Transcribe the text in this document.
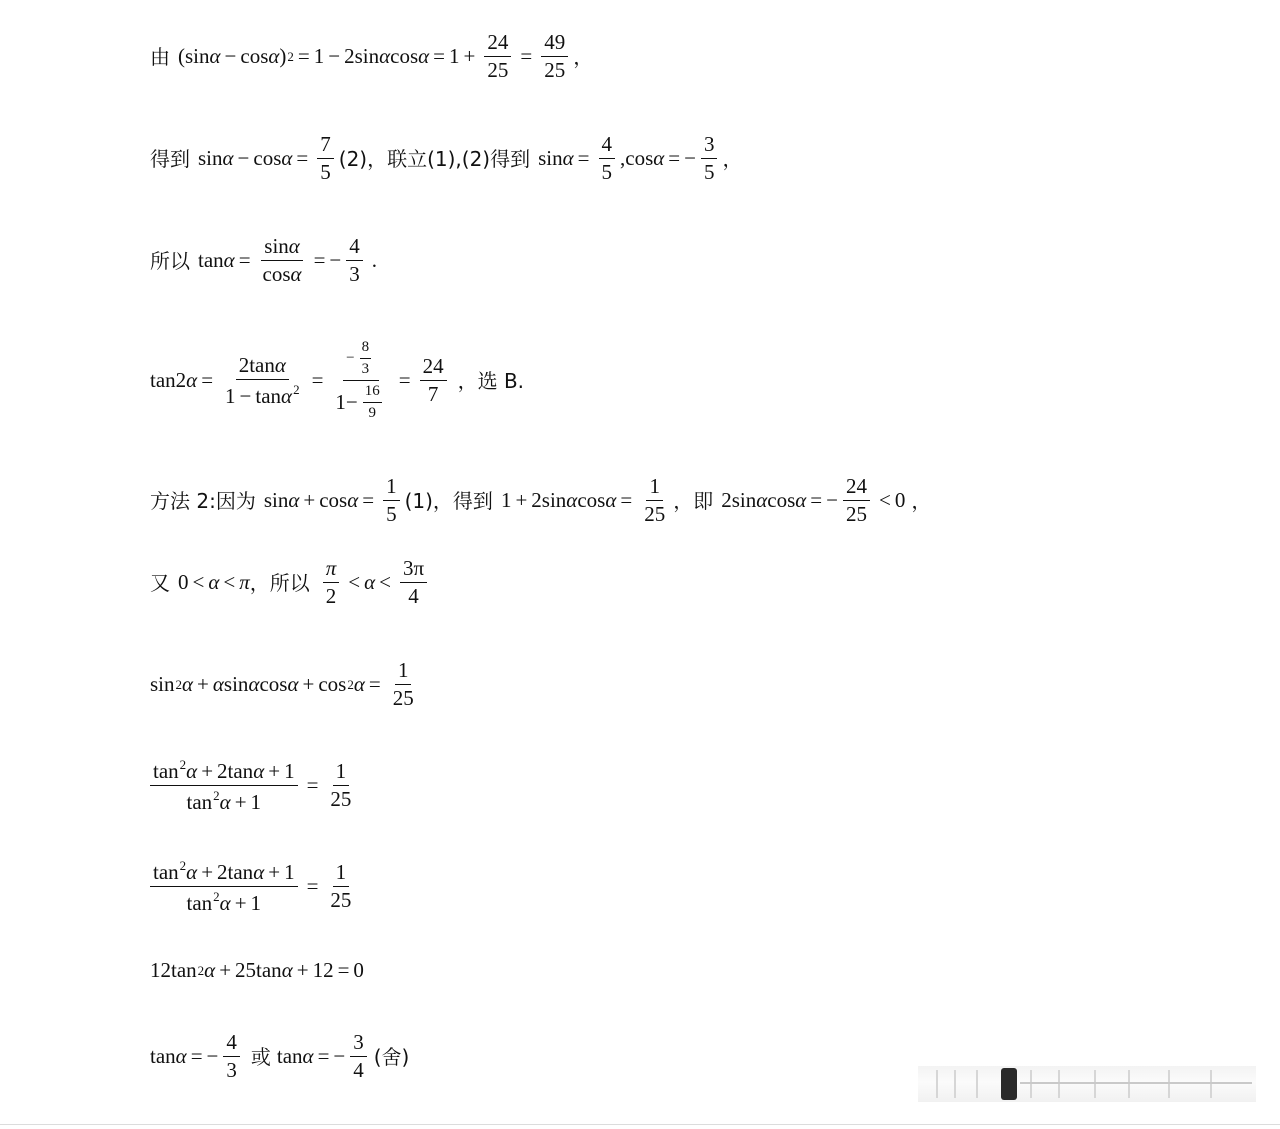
由 (sin α − cos α ) 2 = 1 − 2sin α $\cos \alpha = 1 + \frac{24}{25} = \frac{49}{25}$ ，
得到 $\sin \alpha - \cos \alpha = \frac{7}{5} (2)$，联立(1),(2)得到 $\sin \alpha = \frac{4}{5} ,\cos$ α = − $\frac{3}{5}$ ，
所以 $\tan \alpha = \frac{\sin\alpha}{\cos\alpha}$ = − $\frac{4}{3}$ .
tan2 $\alpha = \frac{2\tan\alpha}{1 - \tan\alpha^2} = \frac{- \frac{8}{3}}{1 - \frac{16}{9}} = \frac{24}{7}$ ，选 B.
方法 2:因为 $\sin \alpha + \cos \alpha = \frac{1}{5} (1)$，得到 1 + 2sin α $\cos \alpha = \frac{1}{25}$ ，即 2sin α cos α = − $\frac{24}{25} < 0$ ，
又 0 < α < π ，所以 $\frac{\pi}{2} < \alpha < \frac{3\pi}{4}$
sin 2 α + α sin α cos α + cos 2 $\alpha = \frac{1}{25}$
$\frac{\tan^2\alpha + 2\tan\alpha + 1}{\tan^2\alpha + 1} = \frac{1}{25}$
$\frac{\tan^2\alpha + 2\tan\alpha + 1}{\tan^2\alpha + 1} = \frac{1}{25}$
12tan 2 α + 25tan α + 12 = 0
tan α = − $\frac{4}{3}$ 或 tan α = − $\frac{3}{4}$ (舍)
